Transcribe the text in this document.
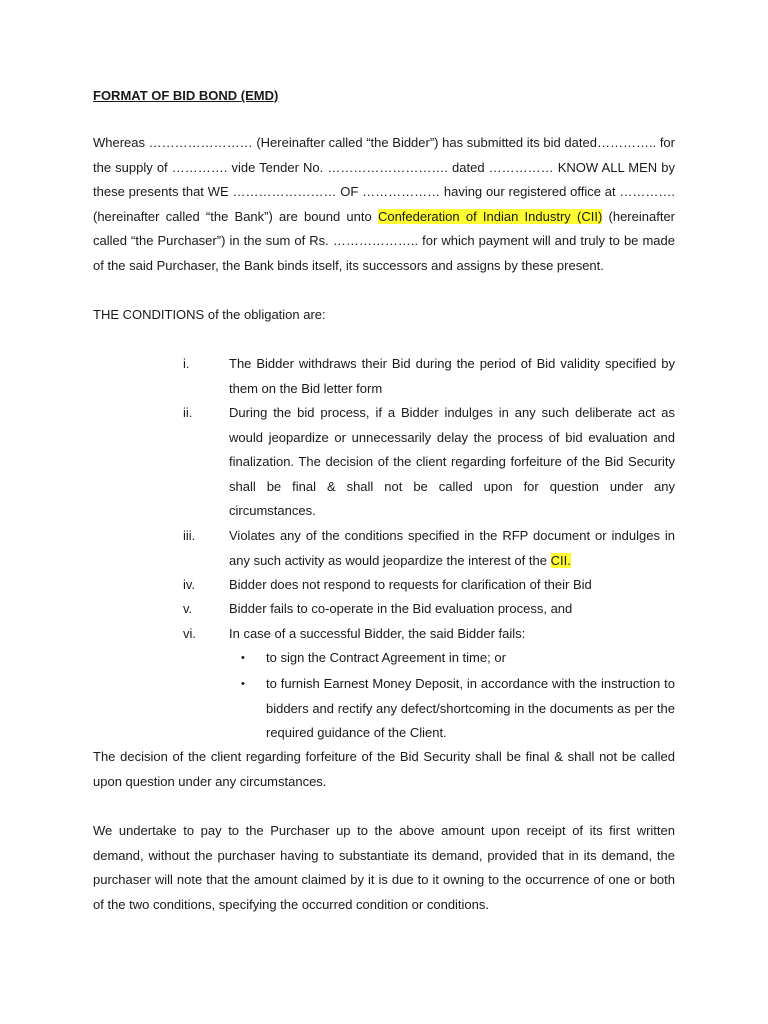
FORMAT OF BID BOND (EMD)
Whereas …………………… (Hereinafter called “the Bidder”) has submitted its bid dated………….. for the supply of …………. vide Tender No. ………………………. dated …………… KNOW ALL MEN by these presents that WE …………………… OF ……………… having our registered office at …………. (hereinafter called “the Bank”) are bound unto Confederation of Indian Industry (CII) (hereinafter called “the Purchaser”) in the sum of Rs. ……………….. for which payment will and truly to be made of the said Purchaser, the Bank binds itself, its successors and assigns by these present.
THE CONDITIONS of the obligation are:
i.	The Bidder withdraws their Bid during the period of Bid validity specified by them on the Bid letter form
ii.	During the bid process, if a Bidder indulges in any such deliberate act as would jeopardize or unnecessarily delay the process of bid evaluation and finalization. The decision of the client regarding forfeiture of the Bid Security shall be final & shall not be called upon for question under any circumstances.
iii.	Violates any of the conditions specified in the RFP document or indulges in any such activity as would jeopardize the interest of the CII.
iv.	Bidder does not respond to requests for clarification of their Bid
v.	Bidder fails to co-operate in the Bid evaluation process, and
vi.	In case of a successful Bidder, the said Bidder fails:
•	to sign the Contract Agreement in time; or
•	to furnish Earnest Money Deposit, in accordance with the instruction to bidders and rectify any defect/shortcoming in the documents as per the required guidance of the Client.
The decision of the client regarding forfeiture of the Bid Security shall be final & shall not be called upon question under any circumstances.
We undertake to pay to the Purchaser up to the above amount upon receipt of its first written demand, without the purchaser having to substantiate its demand, provided that in its demand, the purchaser will note that the amount claimed by it is due to it owning to the occurrence of one or both of the two conditions, specifying the occurred condition or conditions.
